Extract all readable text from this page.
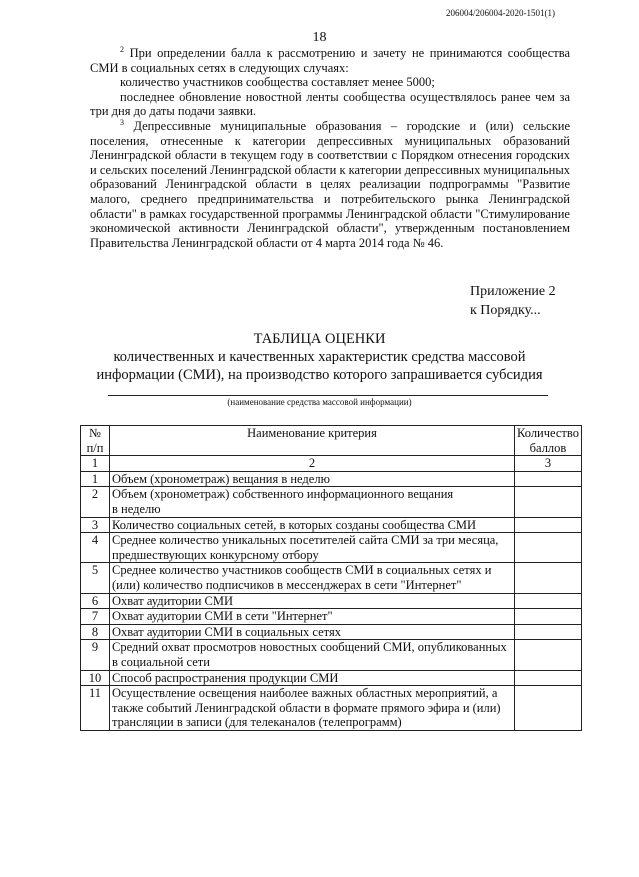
206004/206004-2020-1501(1)
18

$^2$ При определении балла к рассмотрению и зачету не принимаются сообщества СМИ в социальных сетях в следующих случаях:

количество участников сообщества составляет менее 5000;

последнее обновление новостной ленты сообщества осуществлялось ранее чем за три дня до даты подачи заявки.

$^3$ Депрессивные муниципальные образования – городские и (или) сельские поселения, отнесенные к категории депрессивных муниципальных образований Ленинградской области в текущем году в соответствии с Порядком отнесения городских и сельских поселений Ленинградской области к категории депрессивных муниципальных образований Ленинградской области в целях реализации подпрограммы "Развитие малого, среднего предпринимательства и потребительского рынка Ленинградской области" в рамках государственной программы Ленинградской области "Стимулирование экономической активности Ленинградской области", утвержденным постановлением Правительства Ленинградской области от 4 марта 2014 года № 46.

Приложение 2
к Порядку...
ТАБЛИЦА ОЦЕНКИ
количественных и качественных характеристик средства массовой
информации (СМИ), на производство которого запрашивается субсидия
(наименование средства массовой информации)
№
п/п	Наименование критерия	Количество
баллов
1	2	3
1	Объем (хронометраж) вещания в неделю	
2	Объем (хронометраж) собственного информационного вещания
в неделю	
3	Количество социальных сетей, в которых созданы сообщества СМИ	
4	Среднее количество уникальных посетителей сайта СМИ за три месяца, предшествующих конкурсному отбору	
5	Среднее количество участников сообществ СМИ в социальных сетях и (или) количество подписчиков в мессенджерах в сети "Интернет"	
6	Охват аудитории СМИ	
7	Охват аудитории СМИ в сети "Интернет"	
8	Охват аудитории СМИ в социальных сетях	
9	Средний охват просмотров новостных сообщений СМИ, опубликованных в социальной сети	
10	Способ распространения продукции СМИ	
11	Осуществление освещения наиболее важных областных мероприятий, а также событий Ленинградской области в формате прямого эфира и (или) трансляции в записи (для телеканалов (телепрограмм)	
